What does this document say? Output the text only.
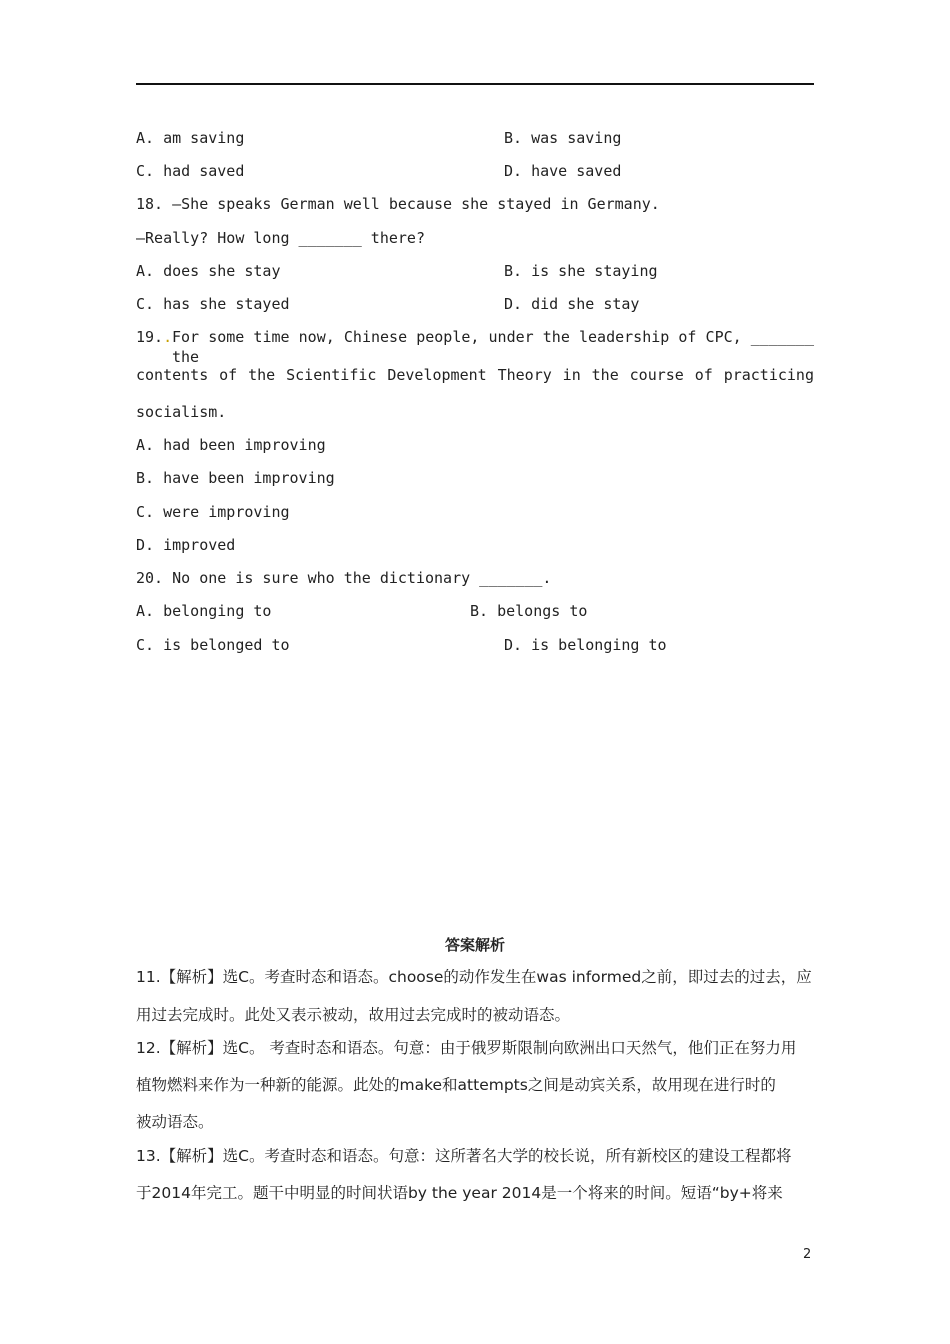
A. am saving	B. was saving
C. had saved	D. have saved
18. —She speaks German well because she stayed in Germany.
—Really? How long _______ there?
A. does she stay	B. is she staying
C. has she stayed	D. did she stay
19.. For some time now, Chinese people, under the leadership of CPC, _______ the
contents of the Scientific Development Theory in the course of practicing
socialism.
A. had been improving
B. have been improving
C. were improving
D. improved
20. No one is sure who the dictionary _______.
A. belonging to	B. belongs to
C. is belonged to	D. is belonging to
答案解析
11.【解析】选C。考查时态和语态。choose的动作发生在was informed之前，即过去的过去，应
用过去完成时。此处又表示被动，故用过去完成时的被动语态。
12.【解析】选C。 考查时态和语态。句意：由于俄罗斯限制向欧洲出口天然气，他们正在努力用
植物燃料来作为一种新的能源。此处的make和attempts之间是动宾关系，故用现在进行时的
被动语态。
13.【解析】选C。考查时态和语态。句意：这所著名大学的校长说，所有新校区的建设工程都将
于2014年完工。题干中明显的时间状语by the year 2014是一个将来的时间。短语“by+将来
2
